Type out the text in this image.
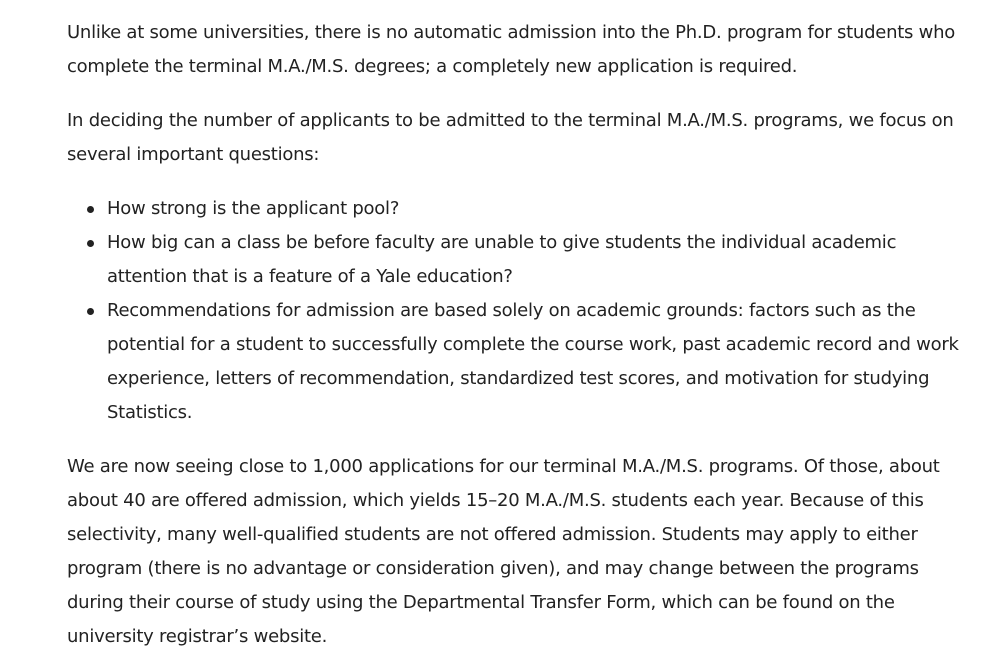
Unlike at some universities, there is no automatic admission into the Ph.D. program for students who complete the terminal M.A./M.S. degrees; a completely new application is required.

In deciding the number of applicants to be admitted to the terminal M.A./M.S. programs, we focus on several important questions:

How strong is the applicant pool?
How big can a class be before faculty are unable to give students the individual academic attention that is a feature of a Yale education?
Recommendations for admission are based solely on academic grounds: factors such as the potential for a student to successfully complete the course work, past academic record and work experience, letters of recommendation, standardized test scores, and motivation for studying Statistics.

We are now seeing close to 1,000 applications for our terminal M.A./M.S. programs. Of those, about about 40 are offered admission, which yields 15–20 M.A./M.S. students each year. Because of this selectivity, many well-qualified students are not offered admission. Students may apply to either program (there is no advantage or consideration given), and may change between the programs during their course of study using the Departmental Transfer Form, which can be found on the university registrar’s website.
